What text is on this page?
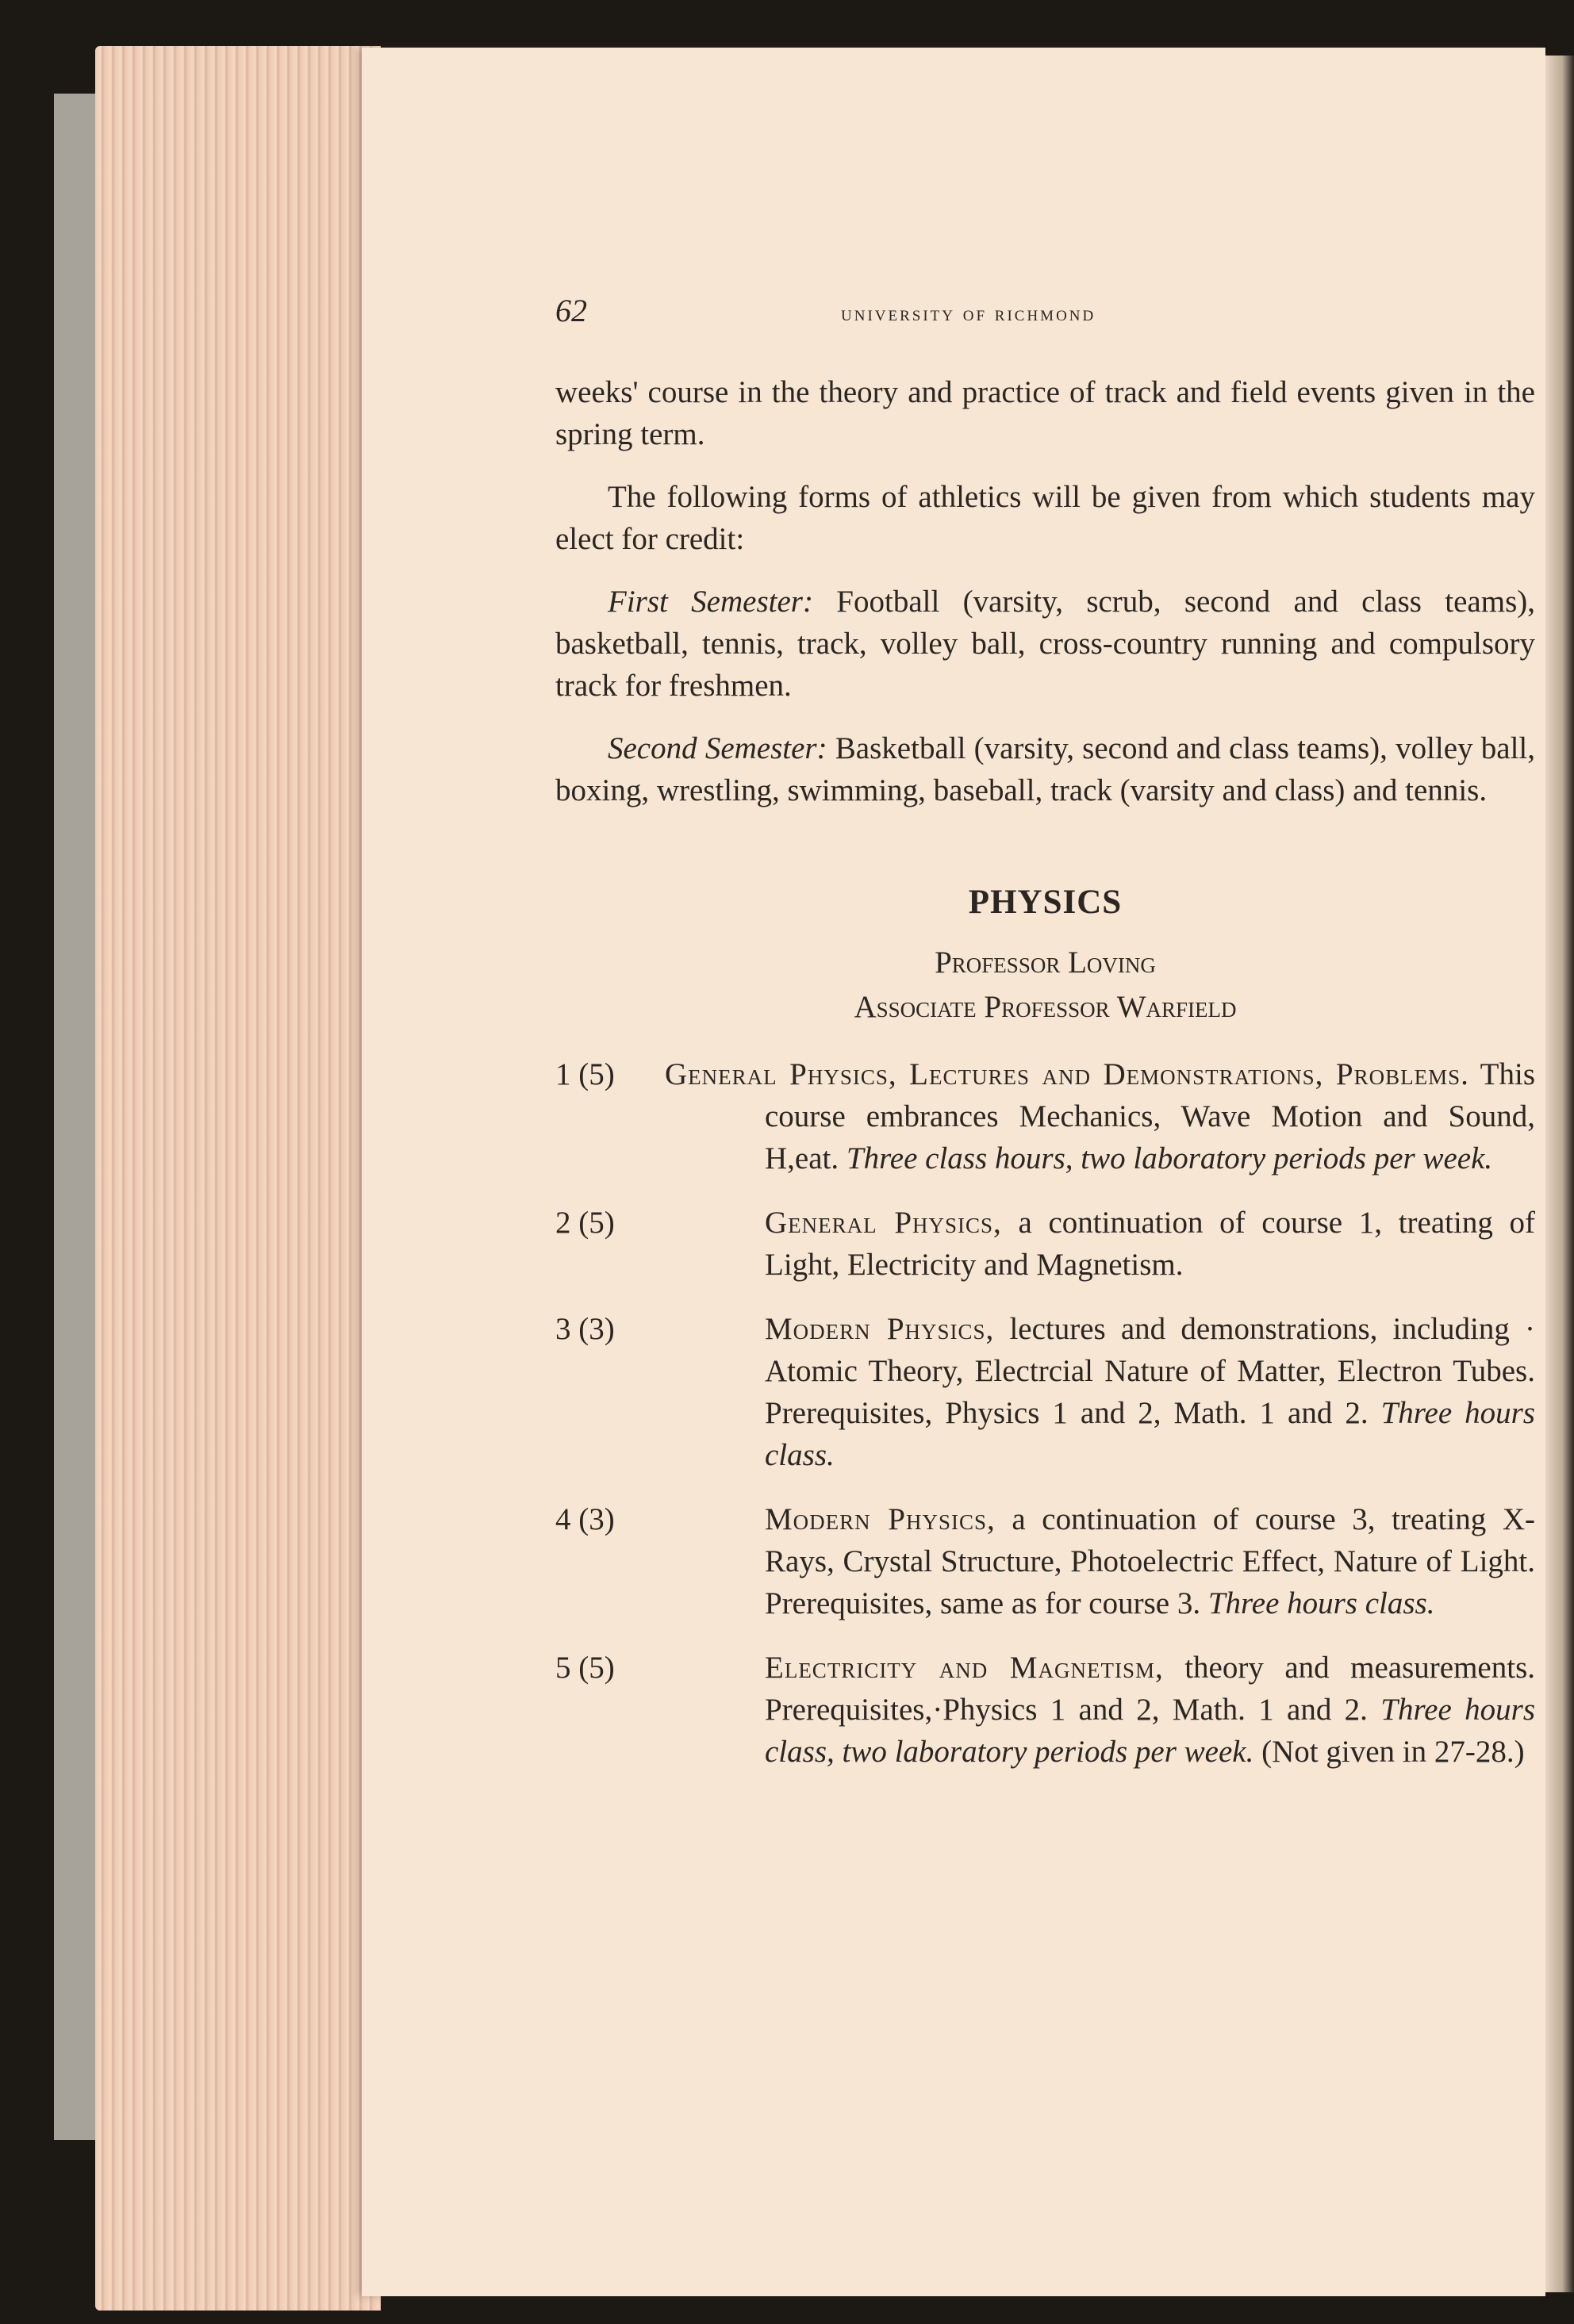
62	university of richmond

weeks' course in the theory and practice of track and field events given in the spring term.

The following forms of athletics will be given from which students may elect for credit:

First Semester: Football (varsity, scrub, second and class teams), basketball, tennis, track, volley ball, cross-country running and compulsory track for freshmen.

Second Semester: Basketball (varsity, second and class teams), volley ball, boxing, wrestling, swimming, baseball, track (varsity and class) and tennis.

PHYSICS
Professor Loving
Associate Professor Warfield

1 (5)	General Physics, Lectures and Demonstrations, Problems. This course embrances Mechanics, Wave Motion and Sound, H,eat. Three class hours, two laboratory periods per week.

2 (5)	General Physics, a continuation of course 1, treating of Light, Electricity and Magnetism.

3 (3)	Modern Physics, lectures and demonstrations, including · Atomic Theory, Electrcial Nature of Matter, Electron Tubes. Prerequisites, Physics 1 and 2, Math. 1 and 2. Three hours class.

4 (3)	Modern Physics, a continuation of course 3, treating X-Rays, Crystal Structure, Photoelectric Effect, Nature of Light. Prerequisites, same as for course 3. Three hours class.

5 (5)	Electricity and Magnetism, theory and measurements. Prerequisites,·Physics 1 and 2, Math. 1 and 2. Three hours class, two laboratory periods per week. (Not given in 27-28.)
